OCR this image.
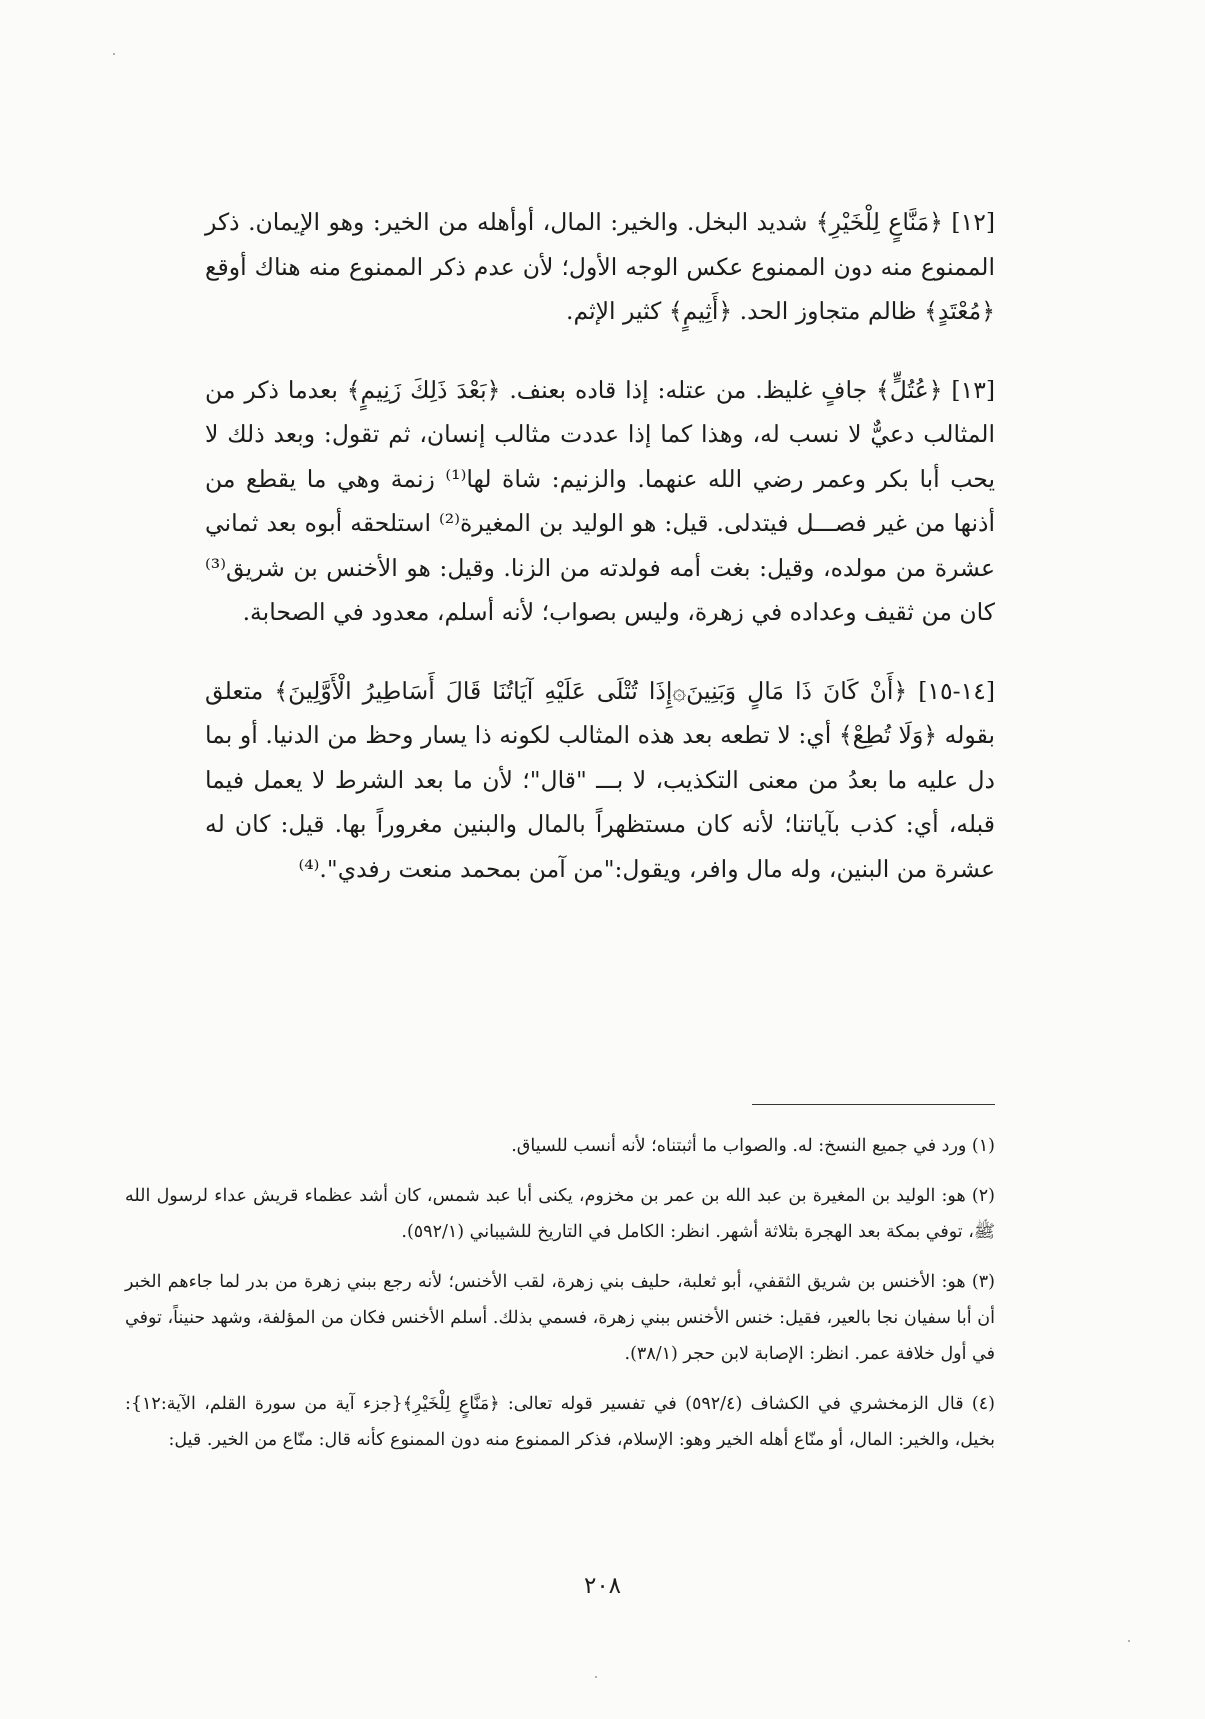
[١٢] ﴿مَنَّاعٍ لِلْخَيْرِ﴾ شديد البخل. والخير: المال، أوأهله من الخير: وهو الإيمان. ذكر الممنوع منه دون الممنوع عكس الوجه الأول؛ لأن عدم ذكر الممنوع منه هناك أوقع ﴿مُعْتَدٍ﴾ ظالم متجاوز الحد. ﴿أَثِيمٍ﴾ كثير الإثم.

[١٣] ﴿عُتُلٍّ﴾ جافٍ غليظ. من عتله: إذا قاده بعنف. ﴿بَعْدَ ذَلِكَ زَنِيمٍ﴾ بعدما ذكر من المثالب دعيٌّ لا نسب له، وهذا كما إذا عددت مثالب إنسان، ثم تقول: وبعد ذلك لا يحب أبا بكر وعمر رضي الله عنهما. والزنيم: شاة لها⁽¹⁾ زنمة وهي ما يقطع من أذنها من غير فصـــل فيتدلى. قيل: هو الوليد بن المغيرة⁽²⁾ استلحقه أبوه بعد ثماني عشرة من مولده، وقيل: بغت أمه فولدته من الزنا. وقيل: هو الأخنس بن شريق⁽³⁾ كان من ثقيف وعداده في زهرة، وليس بصواب؛ لأنه أسلم، معدود في الصحابة.

[١٤-١٥] ﴿أَنْ كَانَ ذَا مَالٍ وَبَنِينَ۞إِذَا تُتْلَى عَلَيْهِ آيَاتُنَا قَالَ أَسَاطِيرُ الْأَوَّلِينَ﴾ متعلق بقوله ﴿وَلَا تُطِعْ﴾ أي: لا تطعه بعد هذه المثالب لكونه ذا يسار وحظ من الدنيا. أو بما دل عليه ما بعدُ من معنى التكذيب، لا بـــ "قال"؛ لأن ما بعد الشرط لا يعمل فيما قبله، أي: كذب بآياتنا؛ لأنه كان مستظهراً بالمال والبنين مغروراً بها. قيل: كان له عشرة من البنين، وله مال وافر، ويقول:"من آمن بمحمد منعت رفدي".⁽⁴⁾

(١) ورد في جميع النسخ: له. والصواب ما أثبتناه؛ لأنه أنسب للسياق.

(٢) هو: الوليد بن المغيرة بن عبد الله بن عمر بن مخزوم، يكنى أبا عبد شمس، كان أشد عظماء قريش عداء لرسول الله ﷺ، توفي بمكة بعد الهجرة بثلاثة أشهر. انظر: الكامل في التاريخ للشيباني (٥٩٢/١).

(٣) هو: الأخنس بن شريق الثقفي، أبو ثعلبة، حليف بني زهرة، لقب الأخنس؛ لأنه رجع ببني زهرة من بدر لما جاءهم الخبر أن أبا سفيان نجا بالعير، فقيل: خنس الأخنس ببني زهرة، فسمي بذلك. أسلم الأخنس فكان من المؤلفة، وشهد حنيناً، توفي في أول خلافة عمر. انظر: الإصابة لابن حجر (٣٨/١).

(٤) قال الزمخشري في الكشاف (٥٩٢/٤) في تفسير قوله تعالى: ﴿مَنَّاعٍ لِلْخَيْرِ﴾{جزء آية من سورة القلم، الآية:١٢}: بخيل، والخير: المال، أو منّاع أهله الخير وهو: الإسلام، فذكر الممنوع منه دون الممنوع كأنه قال: منّاع من الخير. قيل:

٢٠٨
